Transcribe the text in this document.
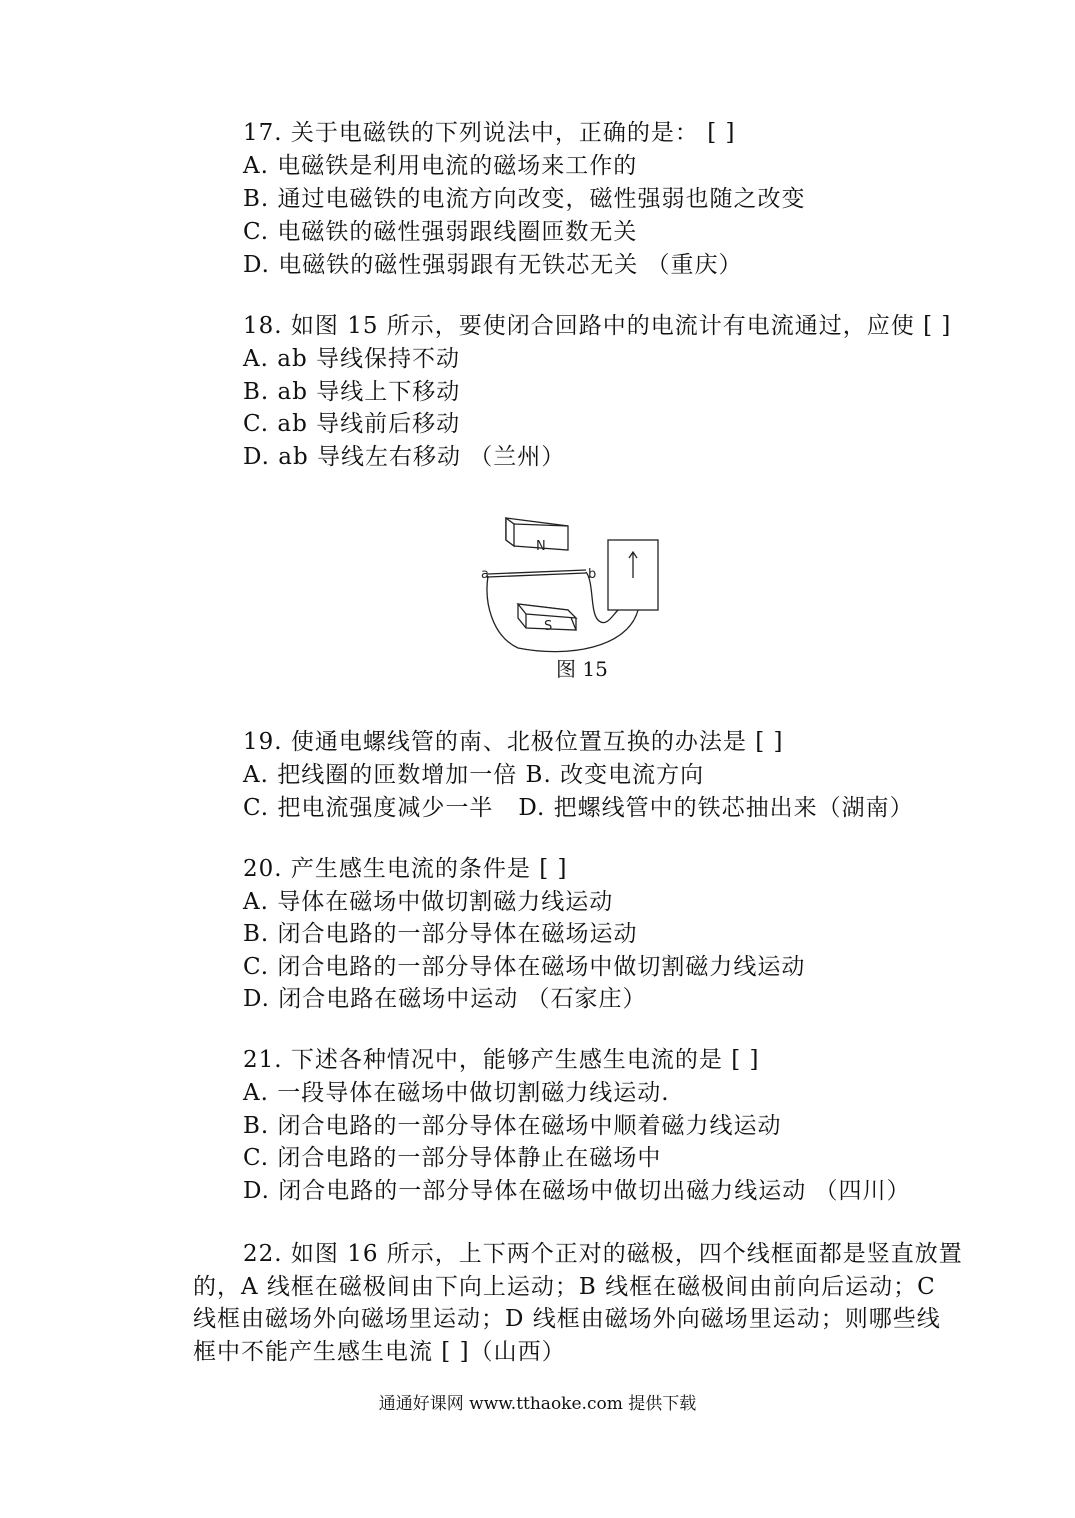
17. 关于电磁铁的下列说法中，正确的是： [ ]
A. 电磁铁是利用电流的磁场来工作的
B. 通过电磁铁的电流方向改变，磁性强弱也随之改变
C. 电磁铁的磁性强弱跟线圈匝数无关
D. 电磁铁的磁性强弱跟有无铁芯无关 （重庆）
18. 如图 15 所示，要使闭合回路中的电流计有电流通过，应使 [ ]
A. ab 导线保持不动
B. ab 导线上下移动
C. ab 导线前后移动
D. ab 导线左右移动 （兰州）
N
S
a	b
图 15
19. 使通电螺线管的南、北极位置互换的办法是 [ ]
A. 把线圈的匝数增加一倍 B. 改变电流方向
C. 把电流强度减少一半   D. 把螺线管中的铁芯抽出来（湖南）
20. 产生感生电流的条件是 [ ]
A. 导体在磁场中做切割磁力线运动
B. 闭合电路的一部分导体在磁场运动
C. 闭合电路的一部分导体在磁场中做切割磁力线运动
D. 闭合电路在磁场中运动 （石家庄）
21. 下述各种情况中，能够产生感生电流的是 [ ]
A. 一段导体在磁场中做切割磁力线运动.
B. 闭合电路的一部分导体在磁场中顺着磁力线运动
C. 闭合电路的一部分导体静止在磁场中
D. 闭合电路的一部分导体在磁场中做切出磁力线运动 （四川）
22. 如图 16 所示，上下两个正对的磁极，四个线框面都是竖直放置的，A 线框在磁极间由下向上运动；B 线框在磁极间由前向后运动；C 线框由磁场外向磁场里运动；D 线框由磁场外向磁场里运动；则哪些线框中不能产生感生电流 [ ]（山西）
通通好课网 www.tthaoke.com 提供下载
